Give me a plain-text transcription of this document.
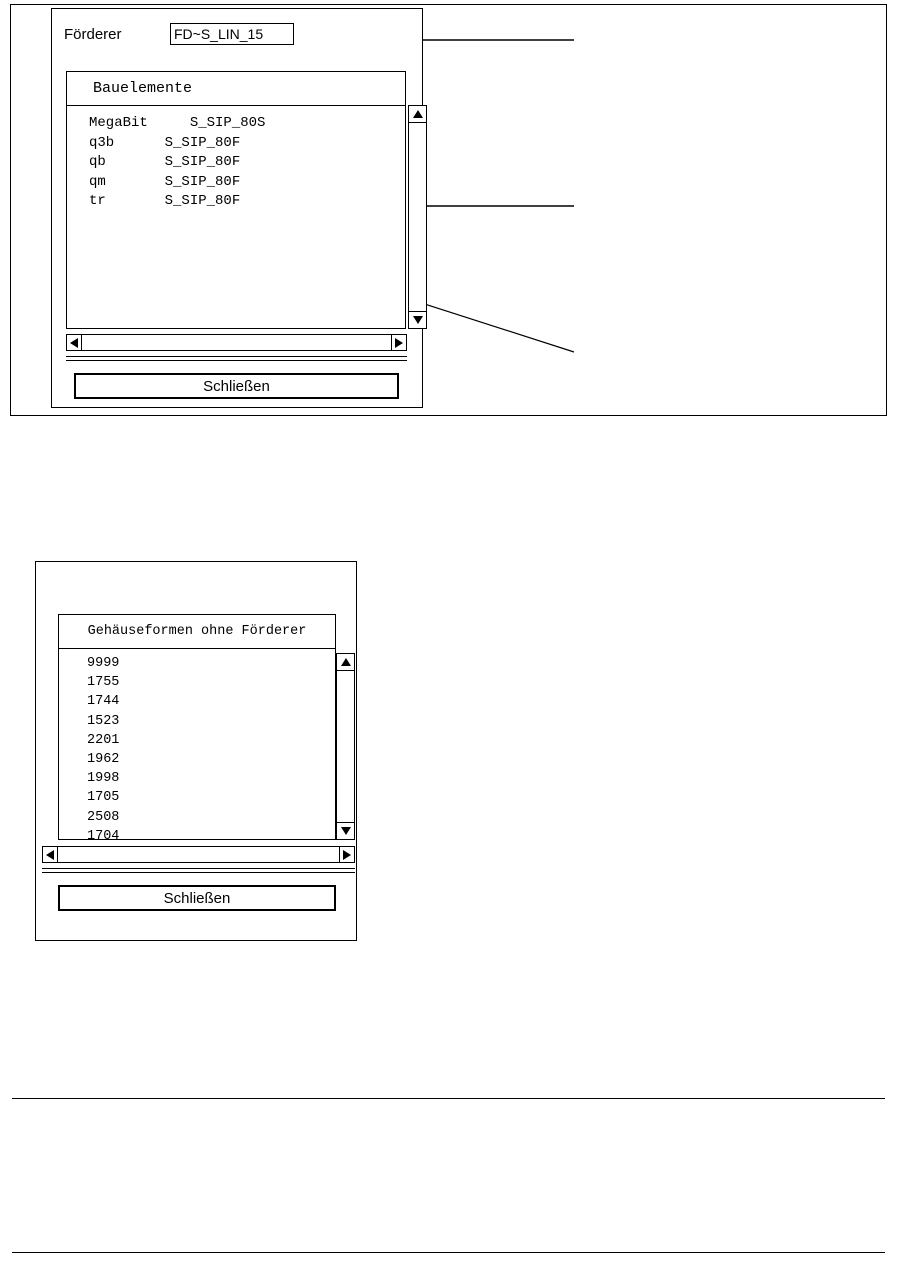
Förderer
FD~S_LIN_15
Bauelemente
MegaBit     S_SIP_80S
q3b      S_SIP_80F
qb       S_SIP_80F
qm       S_SIP_80F
tr       S_SIP_80F
Schließen
Gehäuseformen ohne Förderer
9999
1755
1744
1523
2201
1962
1998
1705
2508
1704
Schließen
